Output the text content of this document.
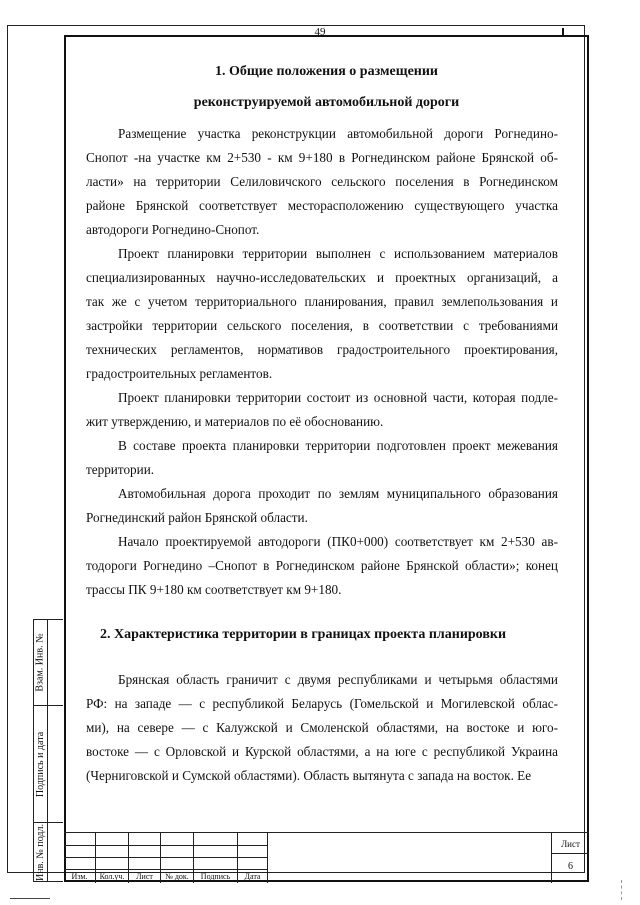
49
1. Общие положения о размещении
реконструируемой автомобильной дороги

Размещение участка реконструкции автомобильной дороги Рогнедино-
Снопот -на участке км 2+530 - км 9+180 в Рогнединском районе Брянской об-
ласти» на территории Селиловичского сельского поселения в Рогнединском
районе Брянской соответствует месторасположению существующего участка
автодороги Рогнедино-Снопот.

Проект планировки территории выполнен с использованием материалов
специализированных научно-исследовательских и проектных организаций, а
так же с учетом территориального планирования, правил землепользования и
застройки территории сельского поселения, в соответствии с требованиями
технических регламентов, нормативов градостроительного проектирования,
градостроительных регламентов.

Проект планировки территории состоит из основной части, которая подле-
жит утверждению, и материалов по её обоснованию.

В составе проекта планировки территории подготовлен проект межевания
территории.

Автомобильная дорога проходит по землям муниципального образования
Рогнединский район Брянской области.

Начало проектируемой автодороги (ПК0+000) соответствует км 2+530 ав-
тодороги Рогнедино –Снопот в Рогнединском районе Брянской области»; конец
трассы ПК 9+180 км соответствует км 9+180.

2. Характеристика территории в границах проекта планировки

Брянская область граничит с двумя республиками и четырьмя областями
РФ: на западе — с республикой Беларусь (Гомельской и Могилевской облас-
ми), на севере — с Калужской и Смоленской областями, на востоке и юго-
востоке — с Орловской и Курской областями, а на юге с республикой Украина
(Черниговской и Сумской областями). Область вытянута с запада на восток. Ее

Взам. Инв. №
Подпись и дата
Инв. № подл.	Изм.	Кол.уч.	Лист	№ док.	Подпись	Дата
Лист
6
